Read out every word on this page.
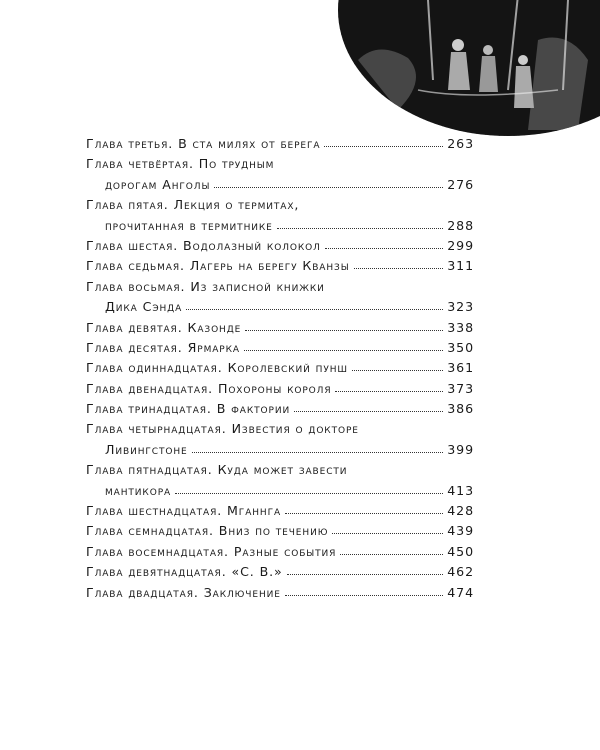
Глава третья. В ста милях от берега	263
Глава четвёртая. По трудным
дорогам Анголы	276
Глава пятая. Лекция о термитах,
прочитанная в термитнике	288
Глава шестая. Водолазный колокол	299
Глава седьмая. Лагерь на берегу Кванзы	311
Глава восьмая. Из записной книжки
Дика Сэнда	323
Глава девятая. Казонде	338
Глава десятая. Ярмарка	350
Глава одиннадцатая. Королевский пунш	361
Глава двенадцатая. Похороны короля	373
Глава тринадцатая. В фактории	386
Глава четырнадцатая. Известия о докторе
Ливингстоне	399
Глава пятнадцатая. Куда может завести
мантикора	413
Глава шестнадцатая. Мганнга	428
Глава семнадцатая. Вниз по течению	439
Глава восемнадцатая. Разные события	450
Глава девятнадцатая. «С. В.»	462
Глава двадцатая. Заключение	474
